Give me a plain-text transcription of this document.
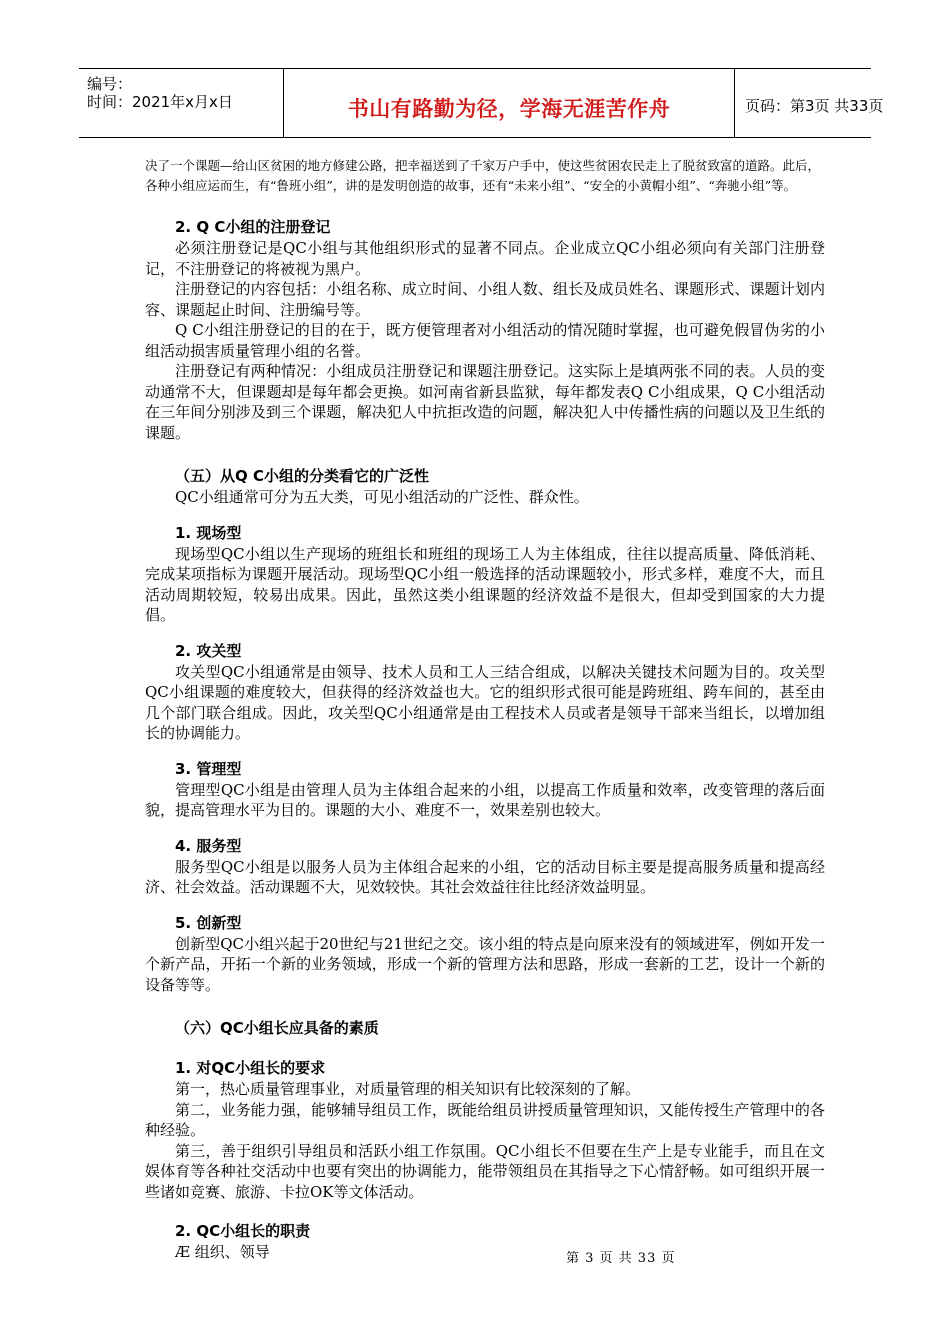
编号：
时间：2021年x月x日	书山有路勤为径，学海无涯苦作舟	页码：第3页 共33页

决了一个课题—给山区贫困的地方修建公路，把幸福送到了千家万户手中，使这些贫困农民走上了脱贫致富的道路。此后，各种小组应运而生，有“鲁班小组”，讲的是发明创造的故事，还有“未来小组”、“安全的小黄帽小组”、“奔驰小组”等。

2. Q C小组的注册登记

必须注册登记是QC小组与其他组织形式的显著不同点。企业成立QC小组必须向有关部门注册登记，不注册登记的将被视为黑户。

注册登记的内容包括：小组名称、成立时间、小组人数、组长及成员姓名、课题形式、课题计划内容、课题起止时间、注册编号等。

Q C小组注册登记的目的在于，既方便管理者对小组活动的情况随时掌握，也可避免假冒伪劣的小组活动损害质量管理小组的名誉。

注册登记有两种情况：小组成员注册登记和课题注册登记。这实际上是填两张不同的表。人员的变动通常不大，但课题却是每年都会更换。如河南省新县监狱，每年都发表Q C小组成果，Q C小组活动在三年间分别涉及到三个课题，解决犯人中抗拒改造的问题，解决犯人中传播性病的问题以及卫生纸的课题。

（五）从Q C小组的分类看它的广泛性

QC小组通常可分为五大类，可见小组活动的广泛性、群众性。

1. 现场型

现场型QC小组以生产现场的班组长和班组的现场工人为主体组成，往往以提高质量、降低消耗、完成某项指标为课题开展活动。现场型QC小组一般选择的活动课题较小，形式多样，难度不大，而且活动周期较短，较易出成果。因此，虽然这类小组课题的经济效益不是很大，但却受到国家的大力提倡。

2. 攻关型

攻关型QC小组通常是由领导、技术人员和工人三结合组成，以解决关键技术问题为目的。攻关型QC小组课题的难度较大，但获得的经济效益也大。它的组织形式很可能是跨班组、跨车间的，甚至由几个部门联合组成。因此，攻关型QC小组通常是由工程技术人员或者是领导干部来当组长，以增加组长的协调能力。

3. 管理型

管理型QC小组是由管理人员为主体组合起来的小组，以提高工作质量和效率，改变管理的落后面貌，提高管理水平为目的。课题的大小、难度不一，效果差别也较大。

4. 服务型

服务型QC小组是以服务人员为主体组合起来的小组，它的活动目标主要是提高服务质量和提高经济、社会效益。活动课题不大，见效较快。其社会效益往往比经济效益明显。

5. 创新型

创新型QC小组兴起于20世纪与21世纪之交。该小组的特点是向原来没有的领域进军，例如开发一个新产品，开拓一个新的业务领域，形成一个新的管理方法和思路，形成一套新的工艺，设计一个新的设备等等。

（六）QC小组长应具备的素质

1. 对QC小组长的要求

第一，热心质量管理事业，对质量管理的相关知识有比较深刻的了解。

第二，业务能力强，能够辅导组员工作，既能给组员讲授质量管理知识，又能传授生产管理中的各种经验。

第三，善于组织引导组员和活跃小组工作氛围。QC小组长不但要在生产上是专业能手，而且在文娱体育等各种社交活动中也要有突出的协调能力，能带领组员在其指导之下心情舒畅。如可组织开展一些诸如竞赛、旅游、卡拉OK等文体活动。

2. QC小组长的职责

Æ 组织、领导	第 3 页 共 33 页
